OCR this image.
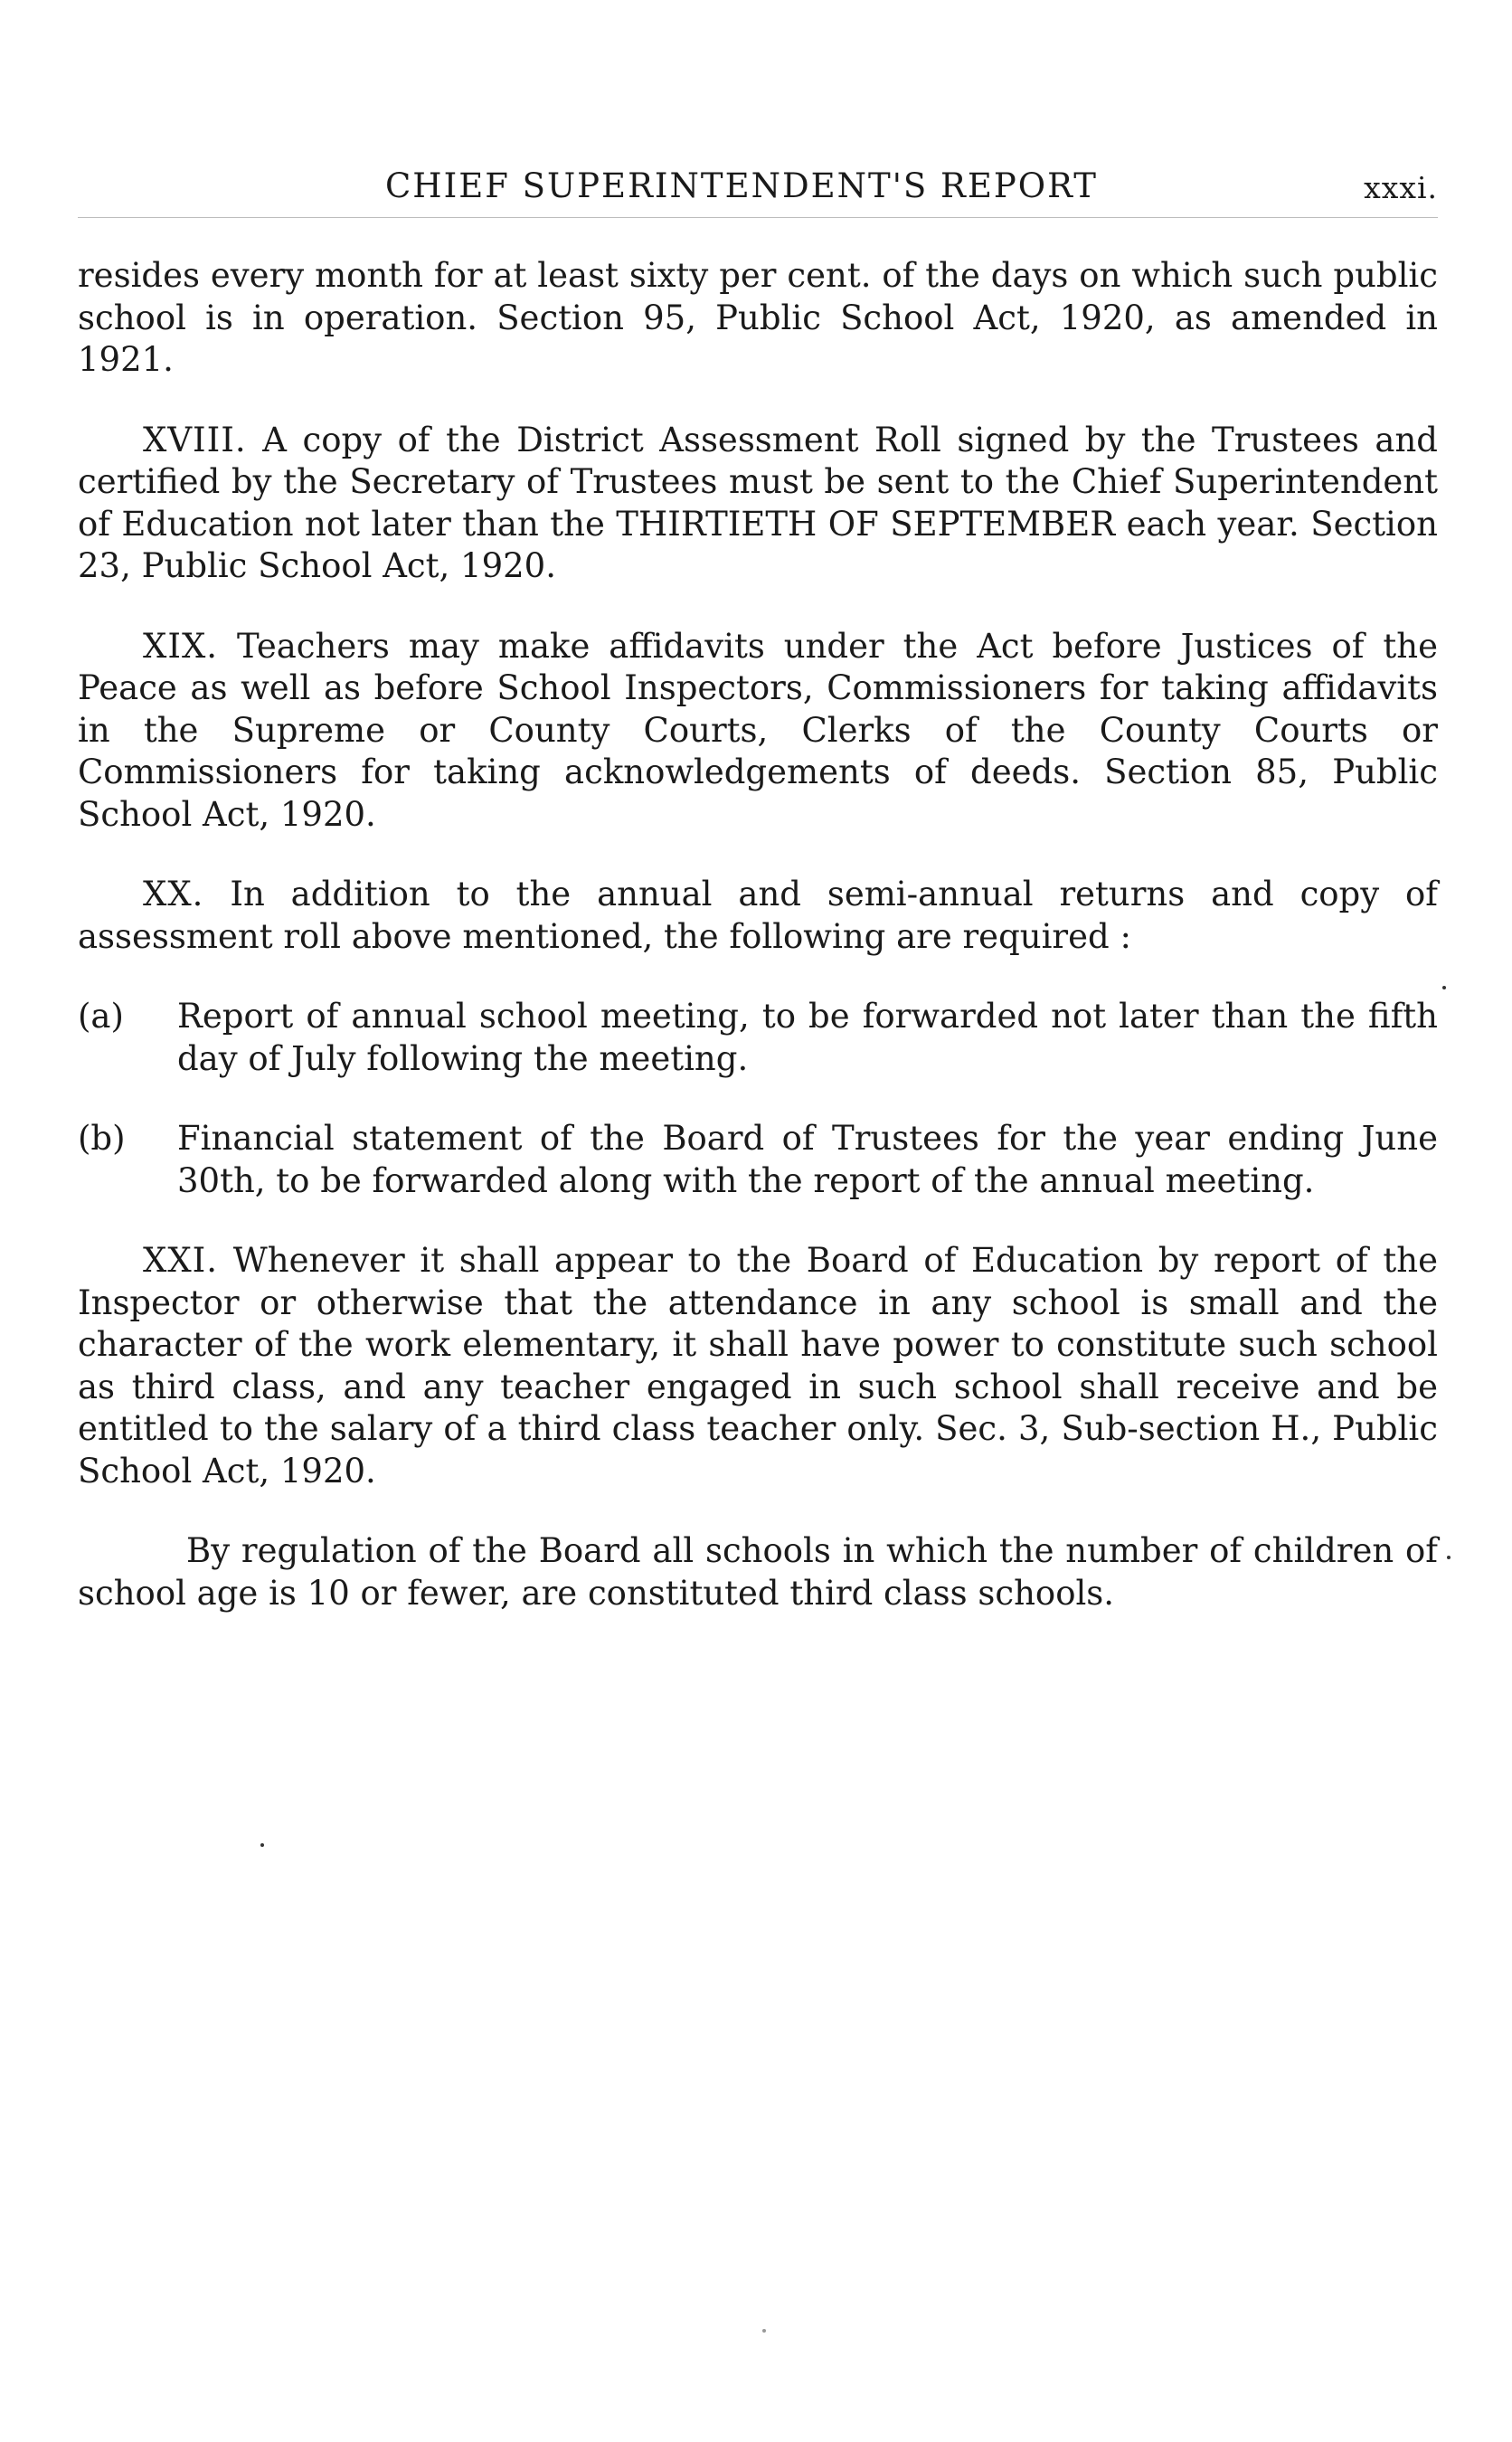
CHIEF SUPERINTENDENT'S REPORT	xxxi.

resides every month for at least sixty per cent. of the days on which such public school is in operation. Section 95, Public School Act, 1920, as amended in 1921.

XVIII. A copy of the District Assessment Roll signed by the Trustees and certified by the Secretary of Trustees must be sent to the Chief Superintendent of Education not later than the THIRTIETH OF SEPTEMBER each year. Section 23, Public School Act, 1920.

XIX. Teachers may make affidavits under the Act before Justices of the Peace as well as before School Inspectors, Commissioners for taking affidavits in the Supreme or County Courts, Clerks of the County Courts or Commissioners for taking acknowledgements of deeds. Section 85, Public School Act, 1920.

XX. In addition to the annual and semi-annual returns and copy of assessment roll above mentioned, the following are required :

(a)	Report of annual school meeting, to be forwarded not later than the fifth day of July following the meeting.
(b)	Financial statement of the Board of Trustees for the year ending June 30th, to be forwarded along with the report of the annual meeting.

XXI. Whenever it shall appear to the Board of Education by report of the Inspector or otherwise that the attendance in any school is small and the character of the work elementary, it shall have power to constitute such school as third class, and any teacher engaged in such school shall receive and be entitled to the salary of a third class teacher only. Sec. 3, Sub-section H., Public School Act, 1920.

By regulation of the Board all schools in which the number of children of school age is 10 or fewer, are constituted third class schools.
